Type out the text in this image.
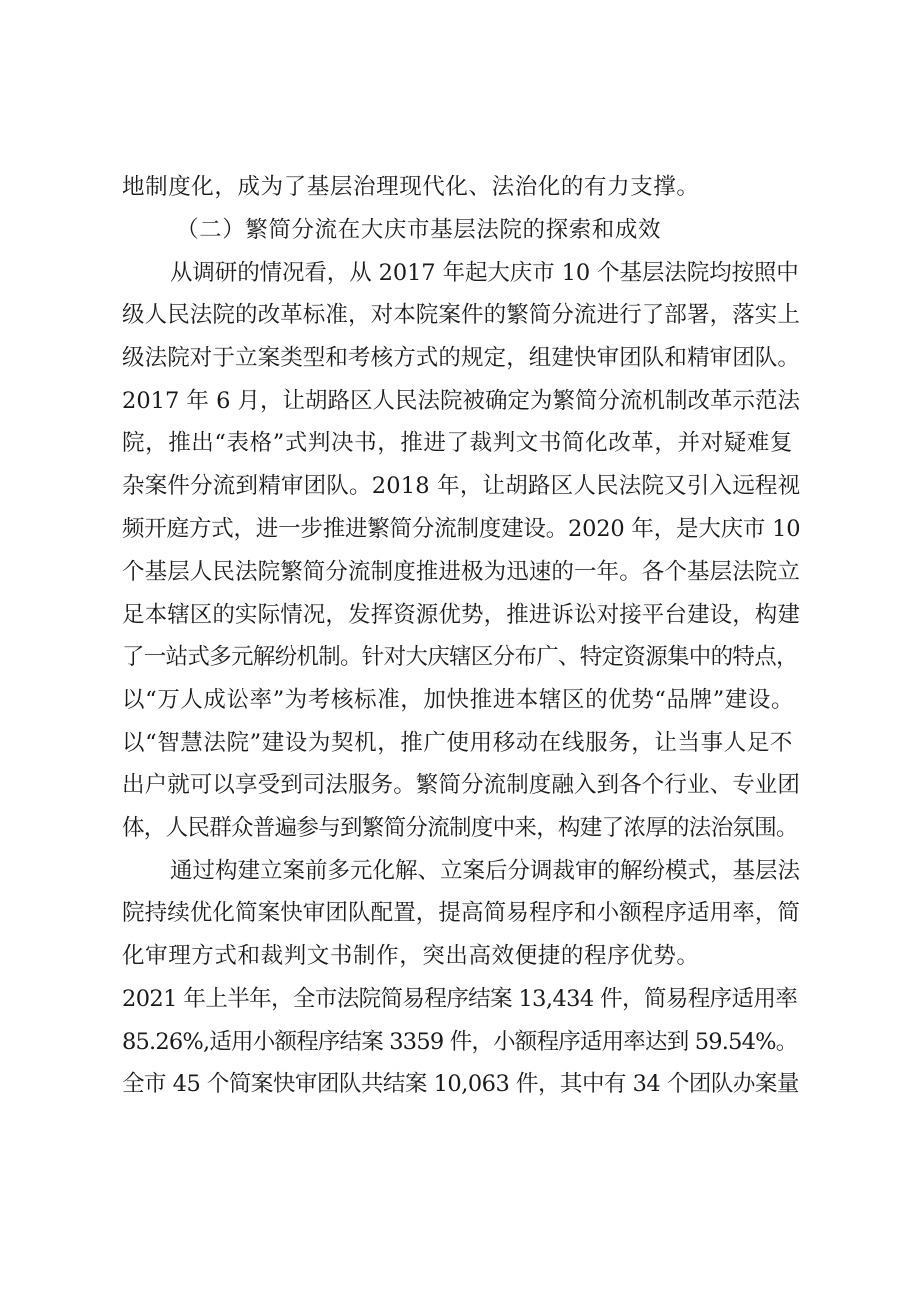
地制度化，成为了基层治理现代化、法治化的有力支撑。
（二）繁简分流在大庆市基层法院的探索和成效
从调研的情况看，从 2017 年起大庆市 10 个基层法院均按照中
级人民法院的改革标准，对本院案件的繁简分流进行了部署，落实上
级法院对于立案类型和考核方式的规定，组建快审团队和精审团队。
2017 年 6 月，让胡路区人民法院被确定为繁简分流机制改革示范法
院，推出“表格”式判决书，推进了裁判文书简化改革，并对疑难复
杂案件分流到精审团队。2018 年，让胡路区人民法院又引入远程视
频开庭方式，进一步推进繁简分流制度建设。2020 年，是大庆市 10
个基层人民法院繁简分流制度推进极为迅速的一年。各个基层法院立
足本辖区的实际情况，发挥资源优势，推进诉讼对接平台建设，构建
了一站式多元解纷机制。针对大庆辖区分布广、特定资源集中的特点，
以“万人成讼率”为考核标准，加快推进本辖区的优势“品牌”建设。
以“智慧法院”建设为契机，推广使用移动在线服务，让当事人足不
出户就可以享受到司法服务。繁简分流制度融入到各个行业、专业团
体，人民群众普遍参与到繁简分流制度中来，构建了浓厚的法治氛围。
通过构建立案前多元化解、立案后分调裁审的解纷模式，基层法
院持续优化简案快审团队配置，提高简易程序和小额程序适用率，简
化审理方式和裁判文书制作，突出高效便捷的程序优势。
2021 年上半年，全市法院简易程序结案 13,434 件，简易程序适用率
85.26%,适用小额程序结案 3359 件，小额程序适用率达到 59.54%。
全市 45 个简案快审团队共结案 10,063 件，其中有 34 个团队办案量
